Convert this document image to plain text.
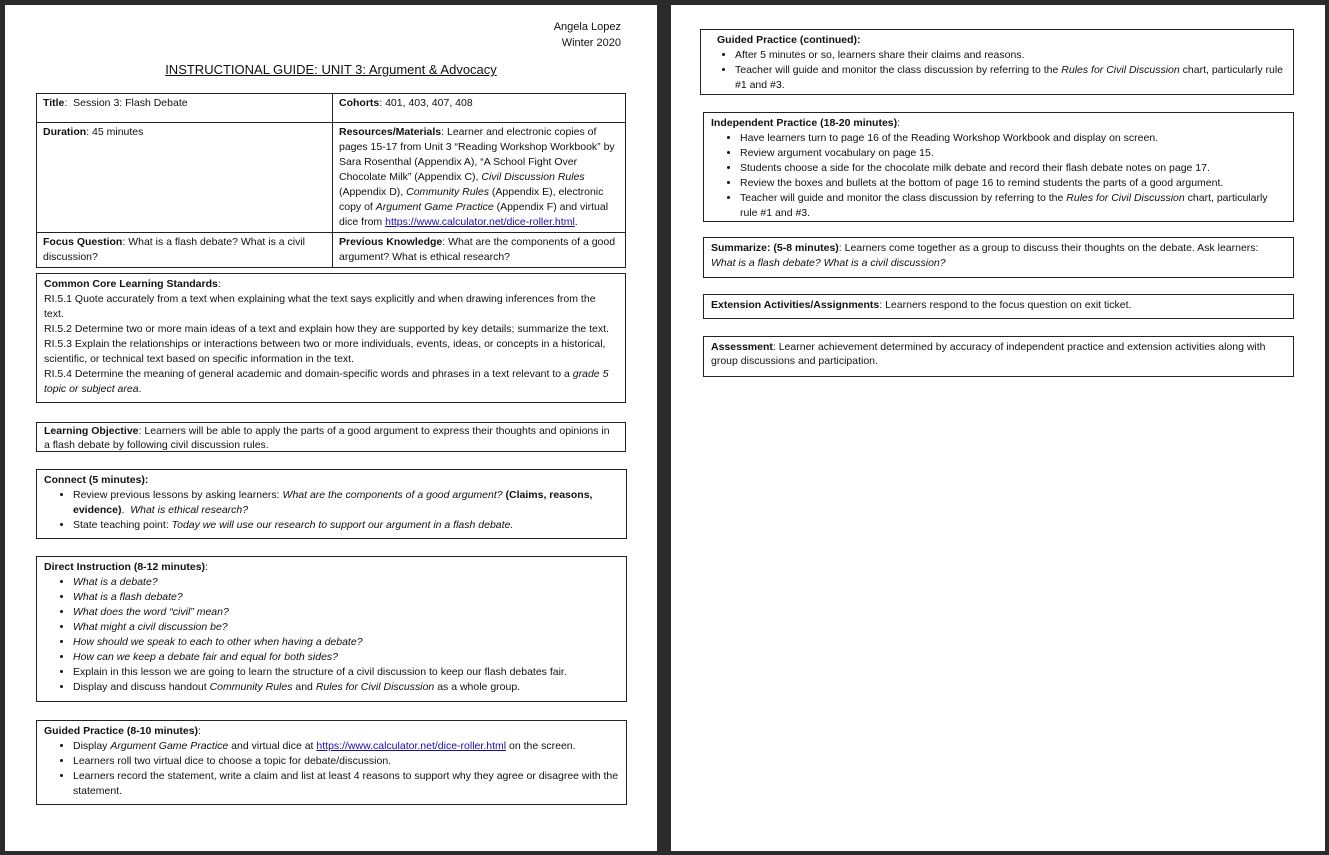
Angela Lopez
Winter 2020
INSTRUCTIONAL GUIDE: UNIT 3: Argument & Advocacy
Title:  Session 3: Flash Debate	Cohorts: 401, 403, 407, 408
Duration: 45 minutes	Resources/Materials: Learner and electronic copies of pages 15-17 from Unit 3 “Reading Workshop Workbook” by Sara Rosenthal (Appendix A), “A School Fight Over Chocolate Milk” (Appendix C), Civil Discussion Rules (Appendix D), Community Rules (Appendix E), electronic copy of Argument Game Practice (Appendix F) and virtual dice from https://www.calculator.net/dice-roller.html.
Focus Question: What is a flash debate? What is a civil discussion?	Previous Knowledge: What are the components of a good argument? What is ethical research?
Common Core Learning Standards:
RI.5.1 Quote accurately from a text when explaining what the text says explicitly and when drawing inferences from the text.
RI.5.2 Determine two or more main ideas of a text and explain how they are supported by key details; summarize the text.
RI.5.3 Explain the relationships or interactions between two or more individuals, events, ideas, or concepts in a historical, scientific, or technical text based on specific information in the text.
RI.5.4 Determine the meaning of general academic and domain-specific words and phrases in a text relevant to a grade 5 topic or subject area.
Learning Objective: Learners will be able to apply the parts of a good argument to express their thoughts and opinions in a flash debate by following civil discussion rules.
Connect (5 minutes):
• Review previous lessons by asking learners: What are the components of a good argument? (Claims, reasons, evidence). What is ethical research?
• State teaching point: Today we will use our research to support our argument in a flash debate.
Direct Instruction (8-12 minutes):
• What is a debate?
• What is a flash debate?
• What does the word “civil” mean?
• What might a civil discussion be?
• How should we speak to each to other when having a debate?
• How can we keep a debate fair and equal for both sides?
• Explain in this lesson we are going to learn the structure of a civil discussion to keep our flash debates fair.
• Display and discuss handout Community Rules and Rules for Civil Discussion as a whole group.
Guided Practice (8-10 minutes):
• Display Argument Game Practice and virtual dice at https://www.calculator.net/dice-roller.html on the screen.
• Learners roll two virtual dice to choose a topic for debate/discussion.
• Learners record the statement, write a claim and list at least 4 reasons to support why they agree or disagree with the statement.
Guided Practice (continued):
• After 5 minutes or so, learners share their claims and reasons.
• Teacher will guide and monitor the class discussion by referring to the Rules for Civil Discussion chart, particularly rule #1 and #3.
Independent Practice (18-20 minutes):
• Have learners turn to page 16 of the Reading Workshop Workbook and display on screen.
• Review argument vocabulary on page 15.
• Students choose a side for the chocolate milk debate and record their flash debate notes on page 17.
• Review the boxes and bullets at the bottom of page 16 to remind students the parts of a good argument.
• Teacher will guide and monitor the class discussion by referring to the Rules for Civil Discussion chart, particularly rule #1 and #3.
Summarize: (5-8 minutes): Learners come together as a group to discuss their thoughts on the debate. Ask learners:
What is a flash debate? What is a civil discussion?
Extension Activities/Assignments: Learners respond to the focus question on exit ticket.
Assessment: Learner achievement determined by accuracy of independent practice and extension activities along with group discussions and participation.
